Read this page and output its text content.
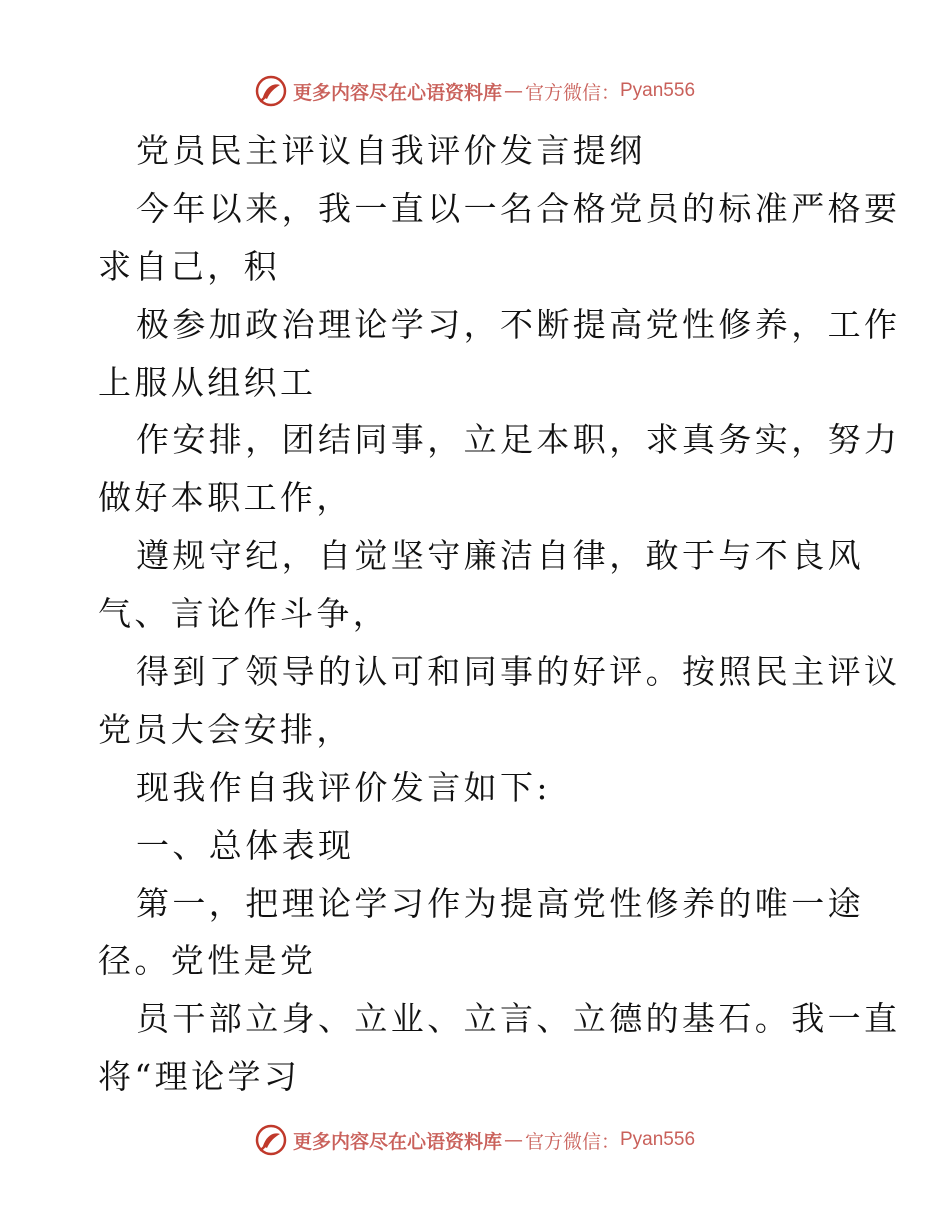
更多内容尽在心语资料库 — 官方微信： Pyan556
党员民主评议自我评价发言提纲
今年以来，我一直以一名合格党员的标准严格要
求自己，积
极参加政治理论学习，不断提高党性修养，工作
上服从组织工
作安排，团结同事，立足本职，求真务实，努力
做好本职工作，
遵规守纪，自觉坚守廉洁自律，敢于与不良风
气、言论作斗争，
得到了领导的认可和同事的好评。按照民主评议
党员大会安排，
现我作自我评价发言如下:
一、总体表现
第一，把理论学习作为提高党性修养的唯一途
径。党性是党
员干部立身、立业、立言、立德的基石。我一直
将“理论学习
更多内容尽在心语资料库 — 官方微信： Pyan556
